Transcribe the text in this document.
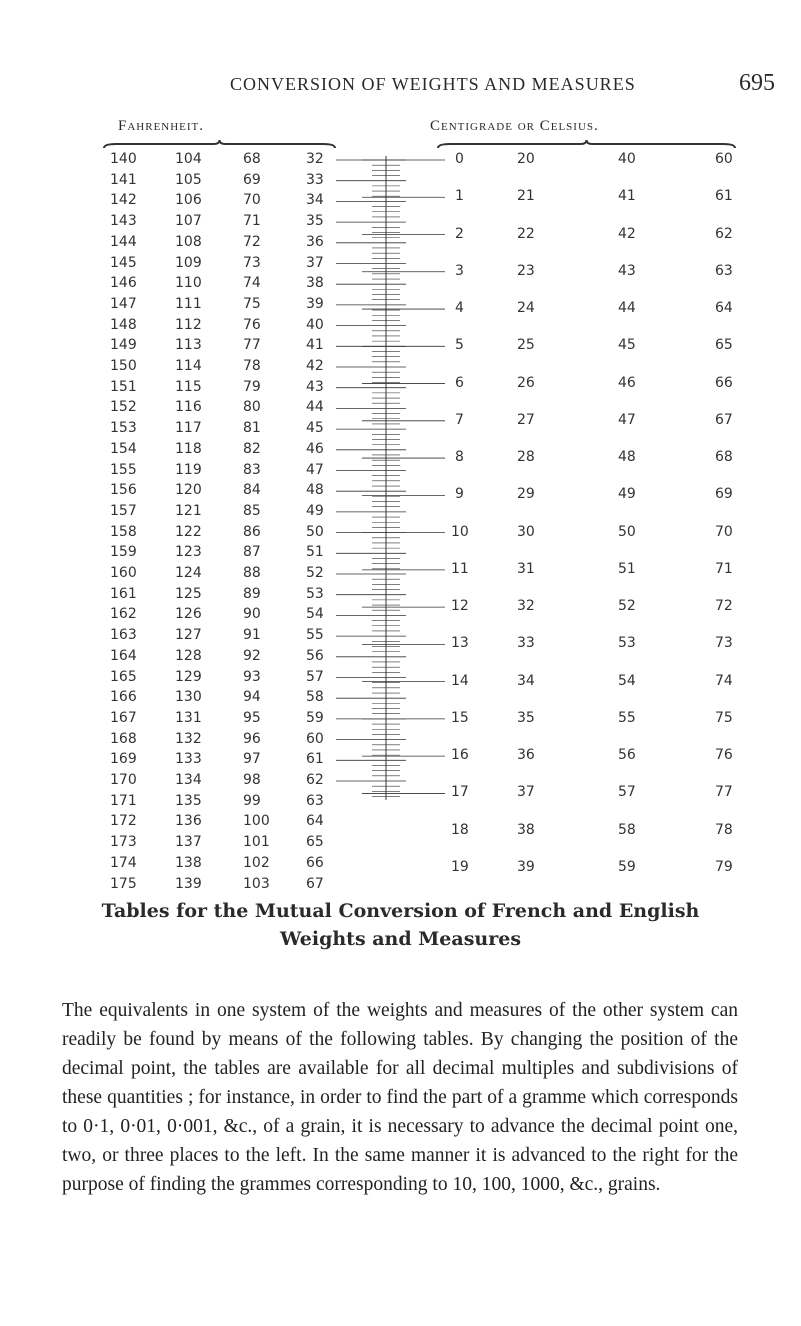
CONVERSION OF WEIGHTS AND MEASURES	695
Fahrenheit.	Centigrade or Celsius.
140	104	68	32
141	105	69	33
142	106	70	34
143	107	71	35
144	108	72	36
145	109	73	37
146	110	74	38
147	111	75	39
148	112	76	40
149	113	77	41
150	114	78	42
151	115	79	43
152	116	80	44
153	117	81	45
154	118	82	46
155	119	83	47
156	120	84	48
157	121	85	49
158	122	86	50
159	123	87	51
160	124	88	52
161	125	89	53
162	126	90	54
163	127	91	55
164	128	92	56
165	129	93	57
166	130	94	58
167	131	95	59
168	132	96	60
169	133	97	61
170	134	98	62
171	135	99	63
172	136	100	64
173	137	101	65
174	138	102	66
175	139	103	67
0	20	40	60
1	21	41	61
2	22	42	62
3	23	43	63
4	24	44	64
5	25	45	65
6	26	46	66
7	27	47	67
8	28	48	68
9	29	49	69
10	30	50	70
11	31	51	71
12	32	52	72
13	33	53	73
14	34	54	74
15	35	55	75
16	36	56	76
17	37	57	77
18	38	58	78
19	39	59	79
Tables for the Mutual Conversion of French and English
Weights and Measures
The equivalents in one system of the weights and measures of the other system can readily be found by means of the following tables. By changing the position of the decimal point, the tables are available for all decimal multiples and subdivisions of these quantities ; for instance, in order to find the part of a gramme which corresponds to 0·1, 0·01, 0·001, &c., of a grain, it is necessary to advance the decimal point one, two, or three places to the left. In the same manner it is advanced to the right for the purpose of finding the grammes corresponding to 10, 100, 1000, &c., grains.
